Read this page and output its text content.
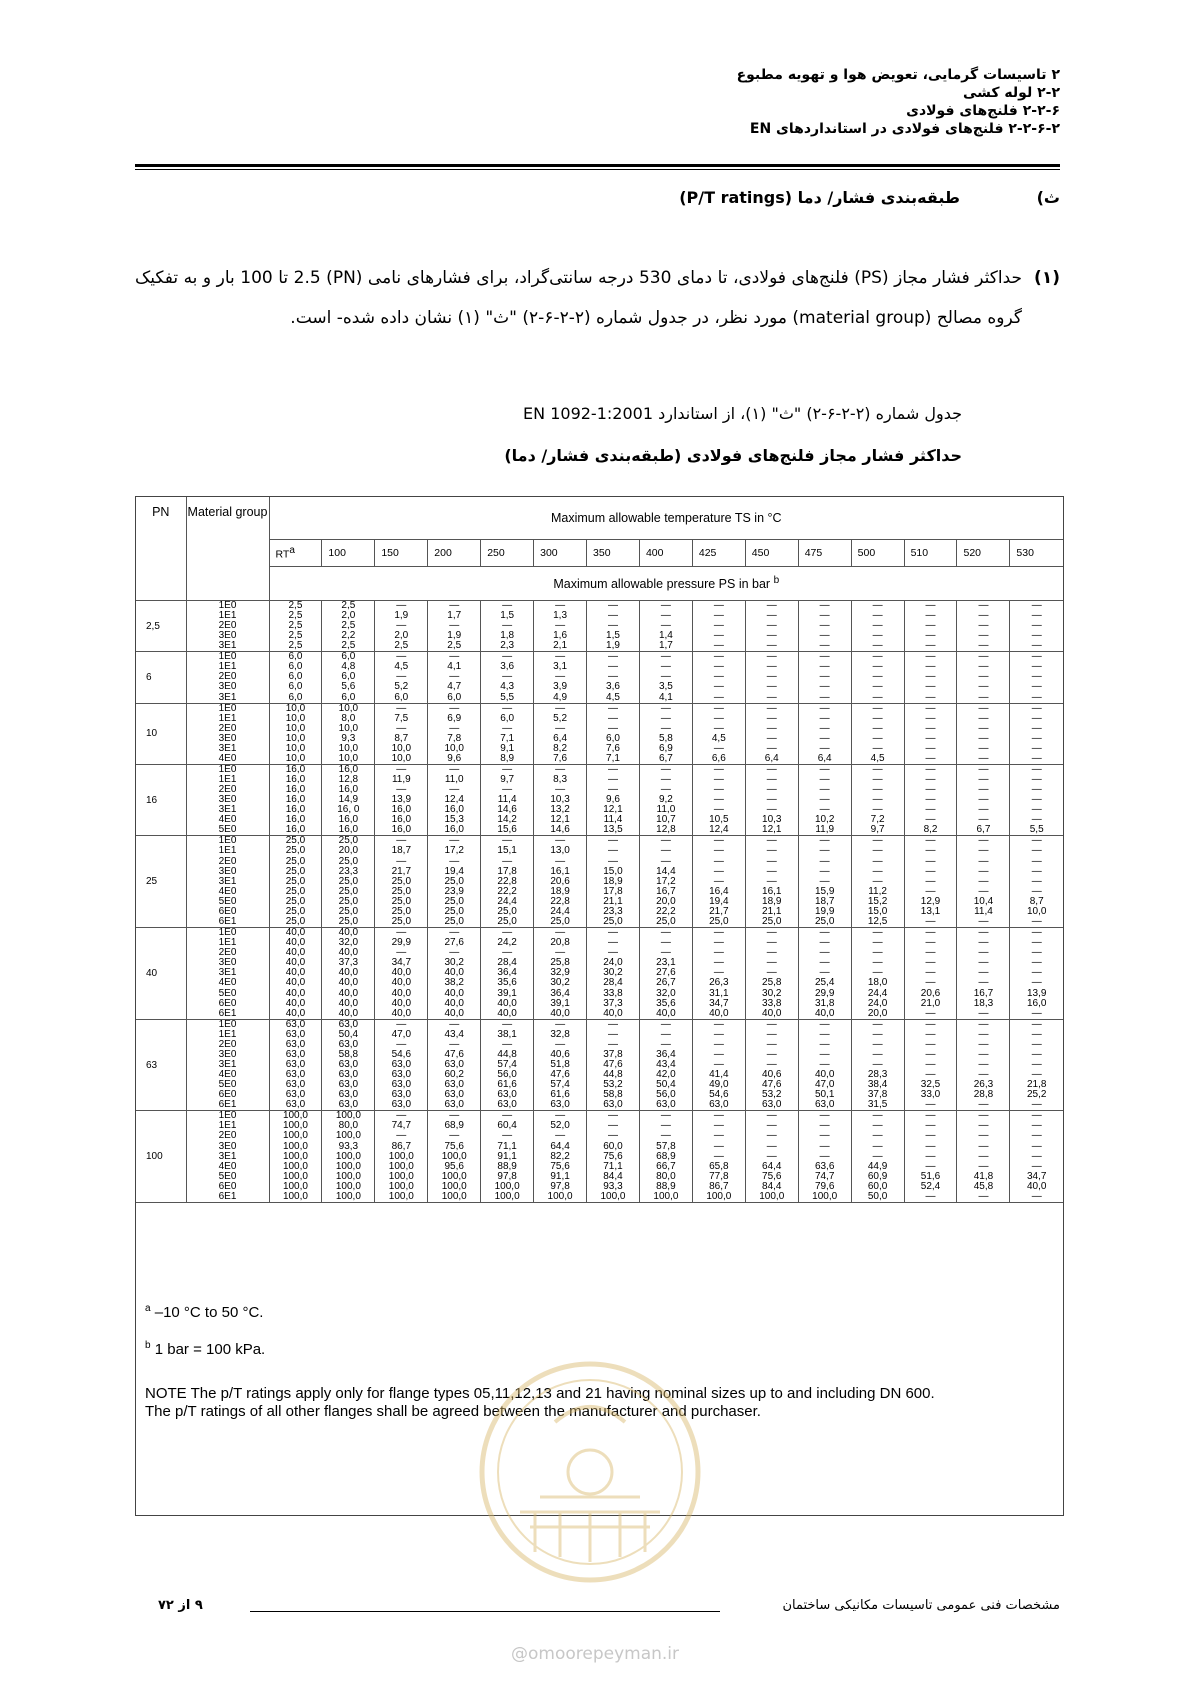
۲ تاسیسات گرمایی، تعویض هوا و تهویه مطبوع
۲-۲ لوله کشی
۲-۲-۶ فلنج‌های فولادی
۲-۲-۶-۲ فلنج‌های فولادی در استانداردهای EN
ث)
طبقه‌بندی فشار/ دما (P/T ratings)
(۱)
حداکثر فشار مجاز (PS) فلنج‌های فولادی، تا دمای 530 درجه سانتی‌گراد، برای فشارهای نامی (PN) 2.5 تا 100 بار و به تفکیک گروه مصالح (material group) مورد نظر، در جدول شماره (۲-۲-۶-۲) "ث" (۱) نشان داده شده- است.
جدول شماره (۲-۲-۶-۲) "ث" (۱)، از استاندارد EN 1092-1:2001
حداکثر فشار مجاز فلنج‌های فولادی (طبقه‌بندی فشار/ دما)
PN	Material group	Maximum allowable temperature TS in °C														
		$RT^a$	100	150	200	250	300	350	400	425	450	475	500	510	520	530
		Maximum allowable pressure PS in bar $^b$
2,5	1E0	2,5	2,5	—	—	—	—	—	—	—	—	—	—	—	—	—
	1E1	2,5	2,0	1,9	1,7	1,5	1,3	—	—	—	—	—	—	—	—	—
	2E0	2,5	2,5	—	—	—	—	—	—	—	—	—	—	—	—	—
	3E0	2,5	2,2	2,0	1,9	1,8	1,6	1,5	1,4	—	—	—	—	—	—	—
	3E1	2,5	2,5	2,5	2,5	2,3	2,1	1,9	1,7	—	—	—	—	—	—	—
6	1E0	6,0	6,0	—	—	—	—	—	—	—	—	—	—	—	—	—
	1E1	6,0	4,8	4,5	4,1	3,6	3,1	—	—	—	—	—	—	—	—	—
	2E0	6,0	6,0	—	—	—	—	—	—	—	—	—	—	—	—	—
	3E0	6,0	5,6	5,2	4,7	4,3	3,9	3,6	3,5	—	—	—	—	—	—	—
	3E1	6,0	6,0	6,0	6,0	5,5	4,9	4,5	4,1	—	—	—	—	—	—	—
10	1E0	10,0	10,0	—	—	—	—	—	—	—	—	—	—	—	—	—
	1E1	10,0	8,0	7,5	6,9	6,0	5,2	—	—	—	—	—	—	—	—	—
	2E0	10,0	10,0	—	—	—	—	—	—	—	—	—	—	—	—	—
	3E0	10,0	9,3	8,7	7,8	7,1	6,4	6,0	5,8	4,5	—	—	—	—	—	—
	3E1	10,0	10,0	10,0	10,0	9,1	8,2	7,6	6,9	—	—	—	—	—	—	—
	4E0	10,0	10,0	10,0	9,6	8,9	7,6	7,1	6,7	6,6	6,4	6,4	4,5	—	—	—
16	1E0	16,0	16,0	—	—	—	—	—	—	—	—	—	—	—	—	—
	1E1	16,0	12,8	11,9	11,0	9,7	8,3	—	—	—	—	—	—	—	—	—
	2E0	16,0	16,0	—	—	—	—	—	—	—	—	—	—	—	—	—
	3E0	16,0	14,9	13,9	12,4	11,4	10,3	9,6	9,2	—	—	—	—	—	—	—
	3E1	16,0	16, 0	16,0	16,0	14,6	13,2	12,1	11,0	—	—	—	—	—	—	—
	4E0	16,0	16,0	16,0	15,3	14,2	12,1	11,4	10,7	10,5	10,3	10,2	7,2	—	—	—
	5E0	16,0	16,0	16,0	16,0	15,6	14,6	13,5	12,8	12,4	12,1	11,9	9,7	8,2	6,7	5,5
25	1E0	25,0	25,0	—	—	—	—	—	—	—	—	—	—	—	—	—
	1E1	25,0	20,0	18,7	17,2	15,1	13,0	—	—	—	—	—	—	—	—	—
	2E0	25,0	25,0	—	—	—	—	—	—	—	—	—	—	—	—	—
	3E0	25,0	23,3	21,7	19,4	17,8	16,1	15,0	14,4	—	—	—	—	—	—	—
	3E1	25,0	25,0	25,0	25,0	22,8	20,6	18,9	17,2	—	—	—	—	—	—	—
	4E0	25,0	25,0	25,0	23,9	22,2	18,9	17,8	16,7	16,4	16,1	15,9	11,2	—	—	—
	5E0	25,0	25,0	25,0	25,0	24,4	22,8	21,1	20,0	19,4	18,9	18,7	15,2	12,9	10,4	8,7
	6E0	25,0	25,0	25,0	25,0	25,0	24,4	23,3	22,2	21,7	21,1	19,9	15,0	13,1	11,4	10,0
	6E1	25,0	25,0	25,0	25,0	25,0	25,0	25,0	25,0	25,0	25,0	25,0	12,5	—	—	—
40	1E0	40,0	40,0	—	—	—	—	—	—	—	—	—	—	—	—	—
	1E1	40,0	32,0	29,9	27,6	24,2	20,8	—	—	—	—	—	—	—	—	—
	2E0	40,0	40,0	—	—	—	—	—	—	—	—	—	—	—	—	—
	3E0	40,0	37,3	34,7	30,2	28,4	25,8	24,0	23,1	—	—	—	—	—	—	—
	3E1	40,0	40,0	40,0	40,0	36,4	32,9	30,2	27,6	—	—	—	—	—	—	—
	4E0	40,0	40,0	40,0	38,2	35,6	30,2	28,4	26,7	26,3	25,8	25,4	18,0	—	—	—
	5E0	40,0	40,0	40,0	40,0	39,1	36,4	33,8	32,0	31,1	30,2	29,9	24,4	20,6	16,7	13,9
	6E0	40,0	40,0	40,0	40,0	40,0	39,1	37,3	35,6	34,7	33,8	31,8	24,0	21,0	18,3	16,0
	6E1	40,0	40,0	40,0	40,0	40,0	40,0	40,0	40,0	40,0	40,0	40,0	20,0	—	—	—
63	1E0	63,0	63,0	—	—	—	—	—	—	—	—	—	—	—	—	—
	1E1	63,0	50,4	47,0	43,4	38,1	32,8	—	—	—	—	—	—	—	—	—
	2E0	63,0	63,0	—	—	—	—	—	—	—	—	—	—	—	—	—
	3E0	63,0	58,8	54,6	47,6	44,8	40,6	37,8	36,4	—	—	—	—	—	—	—
	3E1	63,0	63,0	63,0	63,0	57,4	51,8	47,6	43,4	—	—	—	—	—	—	—
	4E0	63,0	63,0	63,0	60,2	56,0	47,6	44,8	42,0	41,4	40,6	40,0	28,3	—	—	—
	5E0	63,0	63,0	63,0	63,0	61,6	57,4	53,2	50,4	49,0	47,6	47,0	38,4	32,5	26,3	21,8
	6E0	63,0	63,0	63,0	63,0	63,0	61,6	58,8	56,0	54,6	53,2	50,1	37,8	33,0	28,8	25,2
	6E1	63,0	63,0	63,0	63,0	63,0	63,0	63,0	63,0	63,0	63,0	63,0	31,5	—	—	—
100	1E0	100,0	100,0	—	—	—	—	—	—	—	—	—	—	—	—	—
	1E1	100,0	80,0	74,7	68,9	60,4	52,0	—	—	—	—	—	—	—	—	—
	2E0	100,0	100,0	—	—	—	—	—	—	—	—	—	—	—	—	—
	3E0	100,0	93,3	86,7	75,6	71,1	64,4	60,0	57,8	—	—	—	—	—	—	—
	3E1	100,0	100,0	100,0	100,0	91,1	82,2	75,6	68,9	—	—	—	—	—	—	—
	4E0	100,0	100,0	100,0	95,6	88,9	75,6	71,1	66,7	65,8	64,4	63,6	44,9	—	—	—
	5E0	100,0	100,0	100,0	100,0	97,8	91,1	84,4	80,0	77,8	75,6	74,7	60,9	51,6	41,8	34,7
	6E0	100,0	100,0	100,0	100,0	100,0	97,8	93,3	88,9	86,7	84,4	79,6	60,0	52,4	45,8	40,0
	6E1	100,0	100,0	100,0	100,0	100,0	100,0	100,0	100,0	100,0	100,0	100,0	50,0	—	—	—
$^a$ –10 °C to 50 °C.
$^b$ 1 bar = 100 kPa.
NOTE The p/T ratings apply only for flange types 05,11,12,13 and 21 having nominal sizes up to and including DN 600.
The p/T ratings of all other flanges shall be agreed between the manufacturer and purchaser.
۹ از ۷۲	مشخصات فنی عمومی تاسیسات مکانیکی ساختمان
@omoorepeyman.ir
